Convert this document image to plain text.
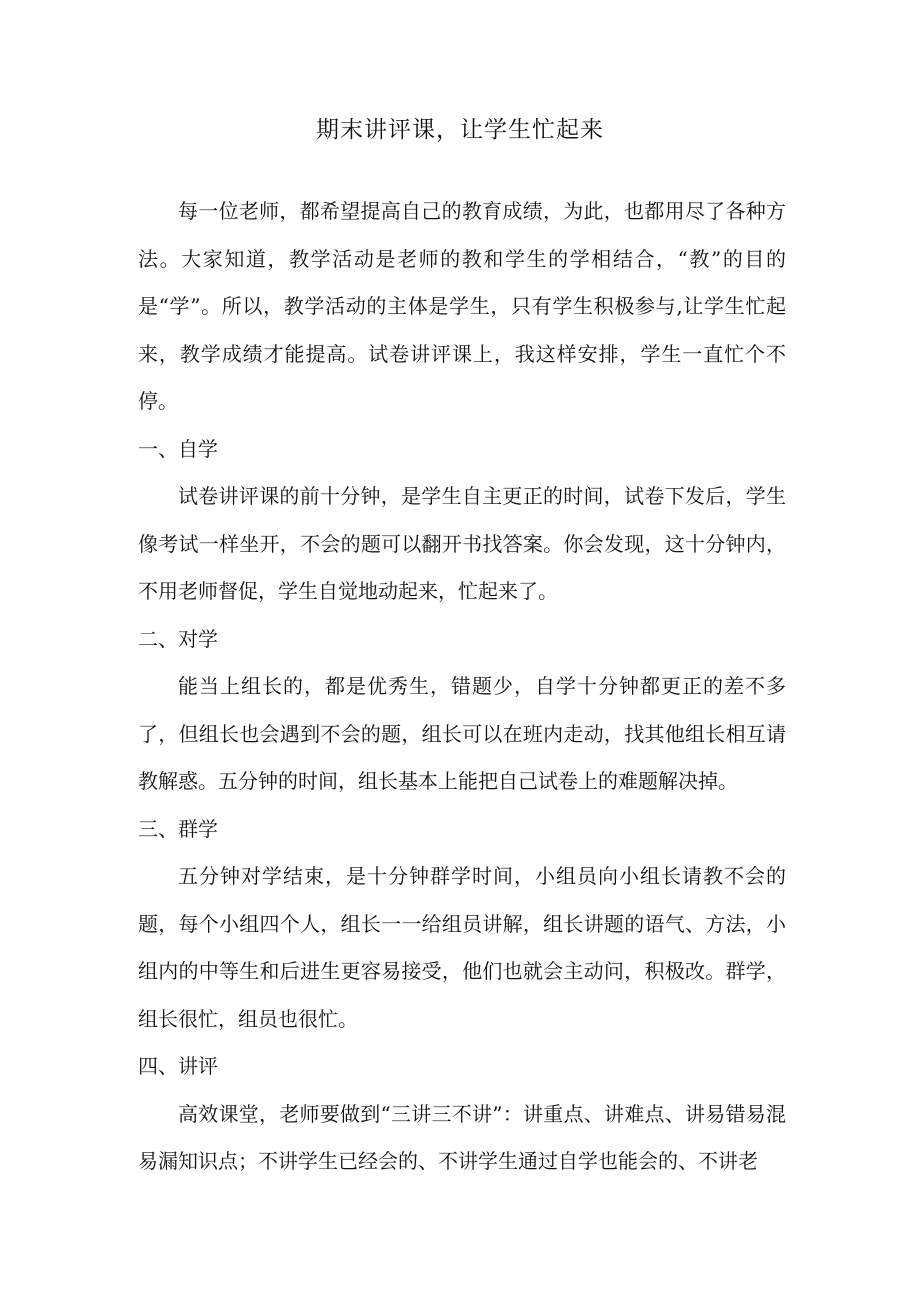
期末讲评课，让学生忙起来

每一位老师，都希望提高自己的教育成绩，为此，也都用尽了各种方法。大家知道，教学活动是老师的教和学生的学相结合，“教”的目的是“学”。所以，教学活动的主体是学生，只有学生积极参与,让学生忙起来，教学成绩才能提高。试卷讲评课上，我这样安排，学生一直忙个不停。

一、自学

试卷讲评课的前十分钟，是学生自主更正的时间，试卷下发后，学生像考试一样坐开，不会的题可以翻开书找答案。你会发现，这十分钟内，不用老师督促，学生自觉地动起来，忙起来了。

二、对学

能当上组长的，都是优秀生，错题少，自学十分钟都更正的差不多了，但组长也会遇到不会的题，组长可以在班内走动，找其他组长相互请教解惑。五分钟的时间，组长基本上能把自己试卷上的难题解决掉。

三、群学

五分钟对学结束，是十分钟群学时间，小组员向小组长请教不会的题，每个小组四个人，组长一一给组员讲解，组长讲题的语气、方法，小组内的中等生和后进生更容易接受，他们也就会主动问，积极改。群学，组长很忙，组员也很忙。

四、讲评

高效课堂，老师要做到“三讲三不讲”：讲重点、讲难点、讲易错易混易漏知识点；不讲学生已经会的、不讲学生通过自学也能会的、不讲老
